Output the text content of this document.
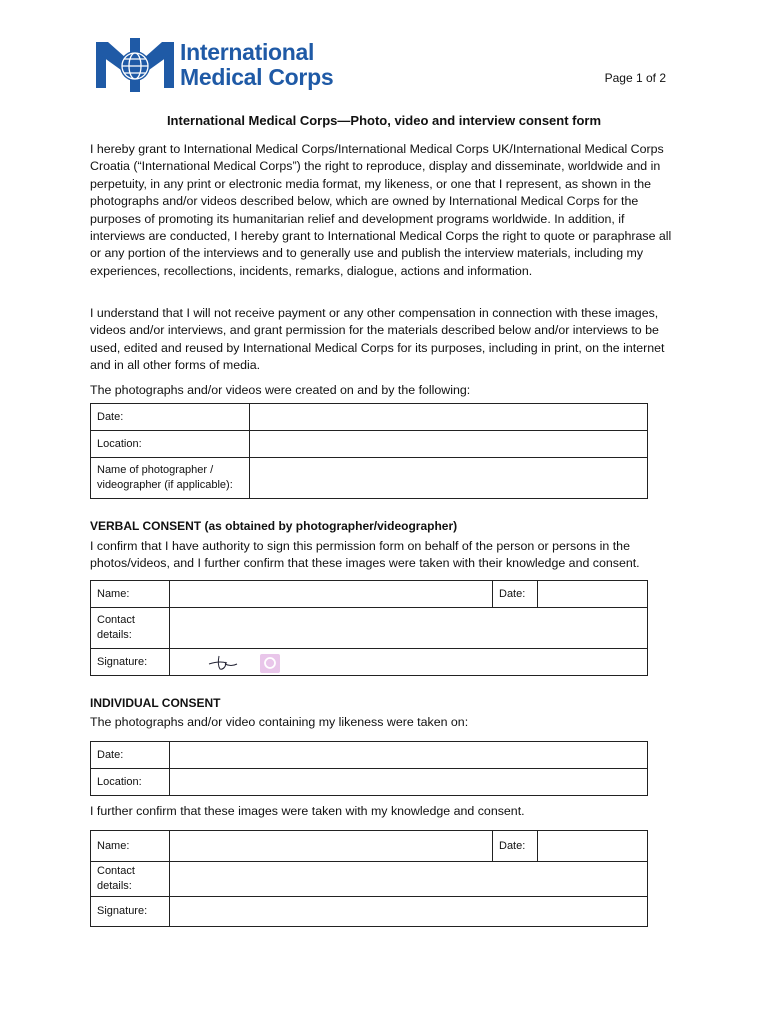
International
Medical Corps	Page 1 of 2
International Medical Corps—Photo, video and interview consent form

I hereby grant to International Medical Corps/International Medical Corps UK/International Medical Corps Croatia (“International Medical Corps”) the right to reproduce, display and disseminate, worldwide and in perpetuity, in any print or electronic media format, my likeness, or one that I represent, as shown in the photographs and/or videos described below, which are owned by International Medical Corps for the purposes of promoting its humanitarian relief and development programs worldwide. In addition, if interviews are conducted, I hereby grant to International Medical Corps the right to quote or paraphrase all or any portion of the interviews and to generally use and publish the interview materials, including my experiences, recollections, incidents, remarks, dialogue, actions and information.

I understand that I will not receive payment or any other compensation in connection with these images, videos and/or interviews, and grant permission for the materials described below and/or interviews to be used, edited and reused by International Medical Corps for its purposes, including in print, on the internet and in all other forms of media.

The photographs and/or videos were created on and by the following:

Date:	
Location:	

Name of photographer /
videographer (if applicable):	

VERBAL CONSENT (as obtained by photographer/videographer)

I confirm that I have authority to sign this permission form on behalf of the person or persons in the photos/videos, and I further confirm that these images were taken with their knowledge and consent.

Name:		Date:	

Contact
details:			

Signature:			
INDIVIDUAL CONSENT

The photographs and/or video containing my likeness were taken on:

Date:	
Location:	

I further confirm that these images were taken with my knowledge and consent.

Name:		Date:	

Contact
details:			

Signature:			
